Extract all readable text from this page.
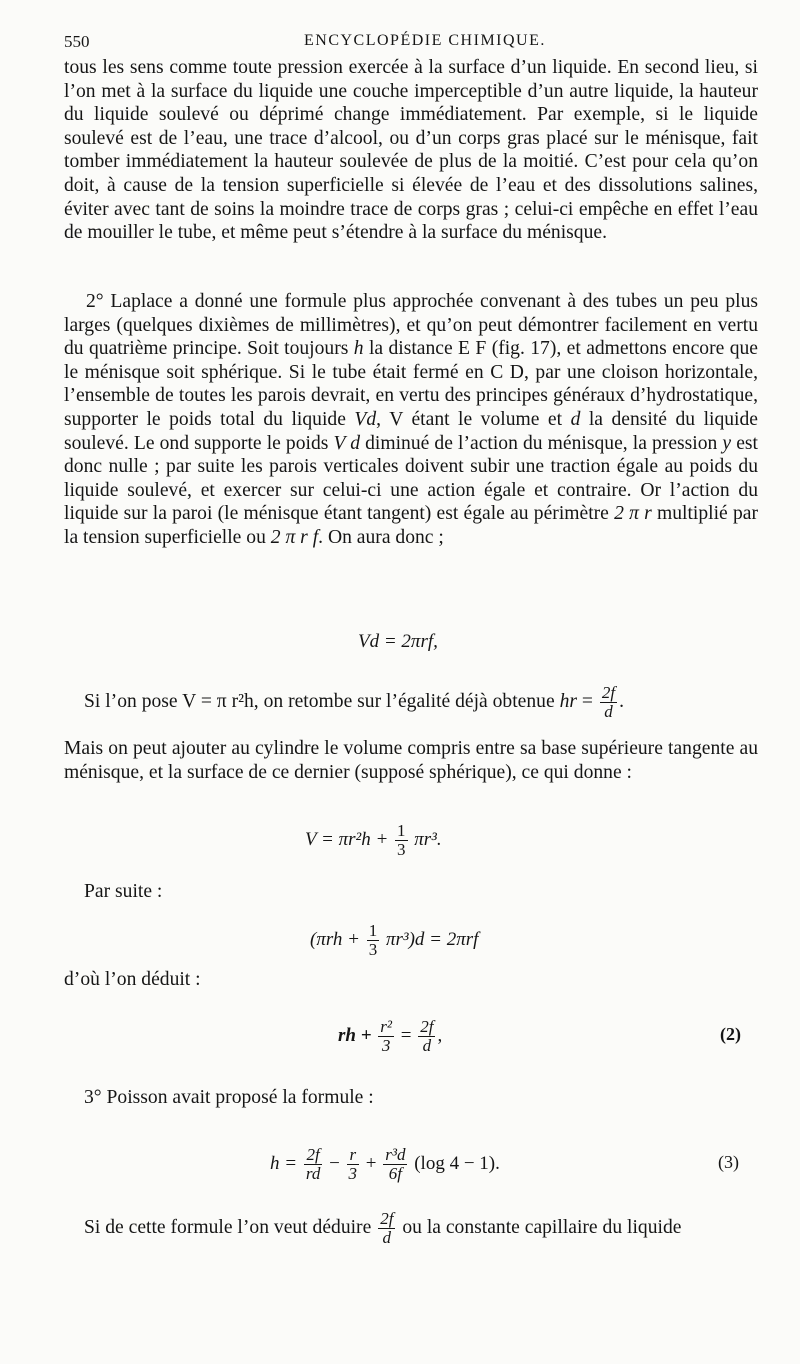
550	ENCYCLOPÉDIE CHIMIQUE.

tous les sens comme toute pression exercée à la surface d’un liquide. En second lieu, si l’on met à la surface du liquide une couche imperceptible d’un autre liquide, la hauteur du liquide soulevé ou déprimé change immédiatement. Par exemple, si le liquide soulevé est de l’eau, une trace d’alcool, ou d’un corps gras placé sur le ménisque, fait tomber immédiatement la hauteur soulevée de plus de la moitié. C’est pour cela qu’on doit, à cause de la tension superficielle si élevée de l’eau et des dissolutions salines, éviter avec tant de soins la moindre trace de corps gras ; celui-ci empêche en effet l’eau de mouiller le tube, et même peut s’étendre à la surface du ménisque.

2° Laplace a donné une formule plus approchée convenant à des tubes un peu plus larges (quelques dixièmes de millimètres), et qu’on peut démontrer facilement en vertu du quatrième principe. Soit toujours h la distance E F (fig. 17), et admettons encore que le ménisque soit sphérique. Si le tube était fermé en C D, par une cloison horizontale, l’ensemble de toutes les parois devrait, en vertu des principes généraux d’hydrostatique, supporter le poids total du liquide Vd, V étant le volume et d la densité du liquide soulevé. Le ond supporte le poids V d diminué de l’action du ménisque, la pression y est donc nulle ; par suite les parois verticales doivent subir une traction égale au poids du liquide soulevé, et exercer sur celui-ci une action égale et contraire. Or l’action du liquide sur la paroi (le ménisque étant tangent) est égale au périmètre 2 π r multiplié par la tension superficielle ou 2 π r f. On aura donc ;

Vd = 2πrf,
Si l’on pose V = π r²h, on retombe sur l’égalité déjà obtenue hr = $\frac{2f}{d}$ .

Mais on peut ajouter au cylindre le volume compris entre sa base supérieure tangente au ménisque, et la surface de ce dernier (supposé sphérique), ce qui donne :

$V = \pi r^2h + \frac{1}{3} \pi r^3$.
Par suite :
$(\pi rh + \frac{1}{3} \pi r^3)d = 2\pi rf$
d’où l’on déduit :
rh + $\frac{\text{r²}}{3} = \frac{2f}{d}$ ,	(2)
3° Poisson avait proposé la formule :
$h = \frac{2f}{rd} - \frac{r}{3} + \frac{\text{r³d}}{6f} (\log$ 4 − 1).	(3)
Si de cette formule l’on veut déduire $\frac{2f}{d}$ ou la constante capillaire du liquide
